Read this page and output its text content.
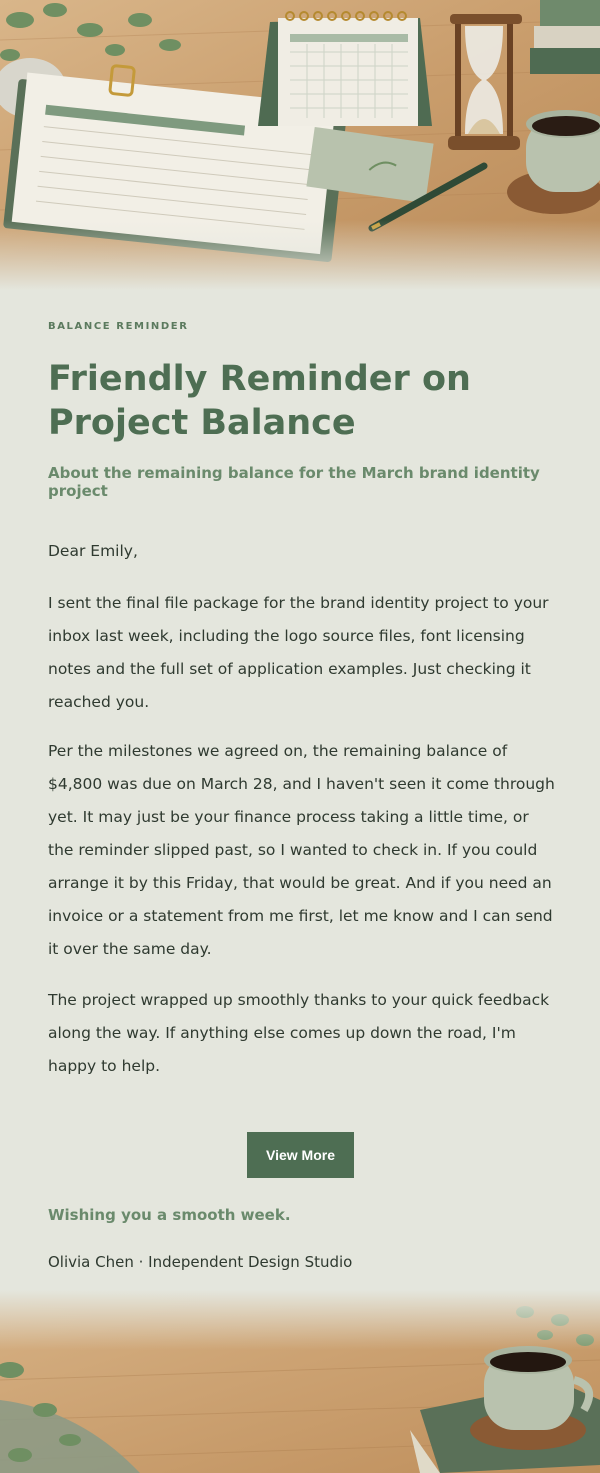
BALANCE REMINDER
Friendly Reminder on Project Balance

About the remaining balance for the March brand identity project

Dear Emily,

I sent the final file package for the brand identity project to your inbox last week, including the logo source files, font licensing notes and the full set of application examples. Just checking it reached you.

Per the milestones we agreed on, the remaining balance of $4,800 was due on March 28, and I haven't seen it come through yet. It may just be your finance process taking a little time, or the reminder slipped past, so I wanted to check in. If you could arrange it by this Friday, that would be great. And if you need an invoice or a statement from me first, let me know and I can send it over the same day.

The project wrapped up smoothly thanks to your quick feedback along the way. If anything else comes up down the road, I'm happy to help.

View More
Wishing you a smooth week.
Olivia Chen · Independent Design Studio
